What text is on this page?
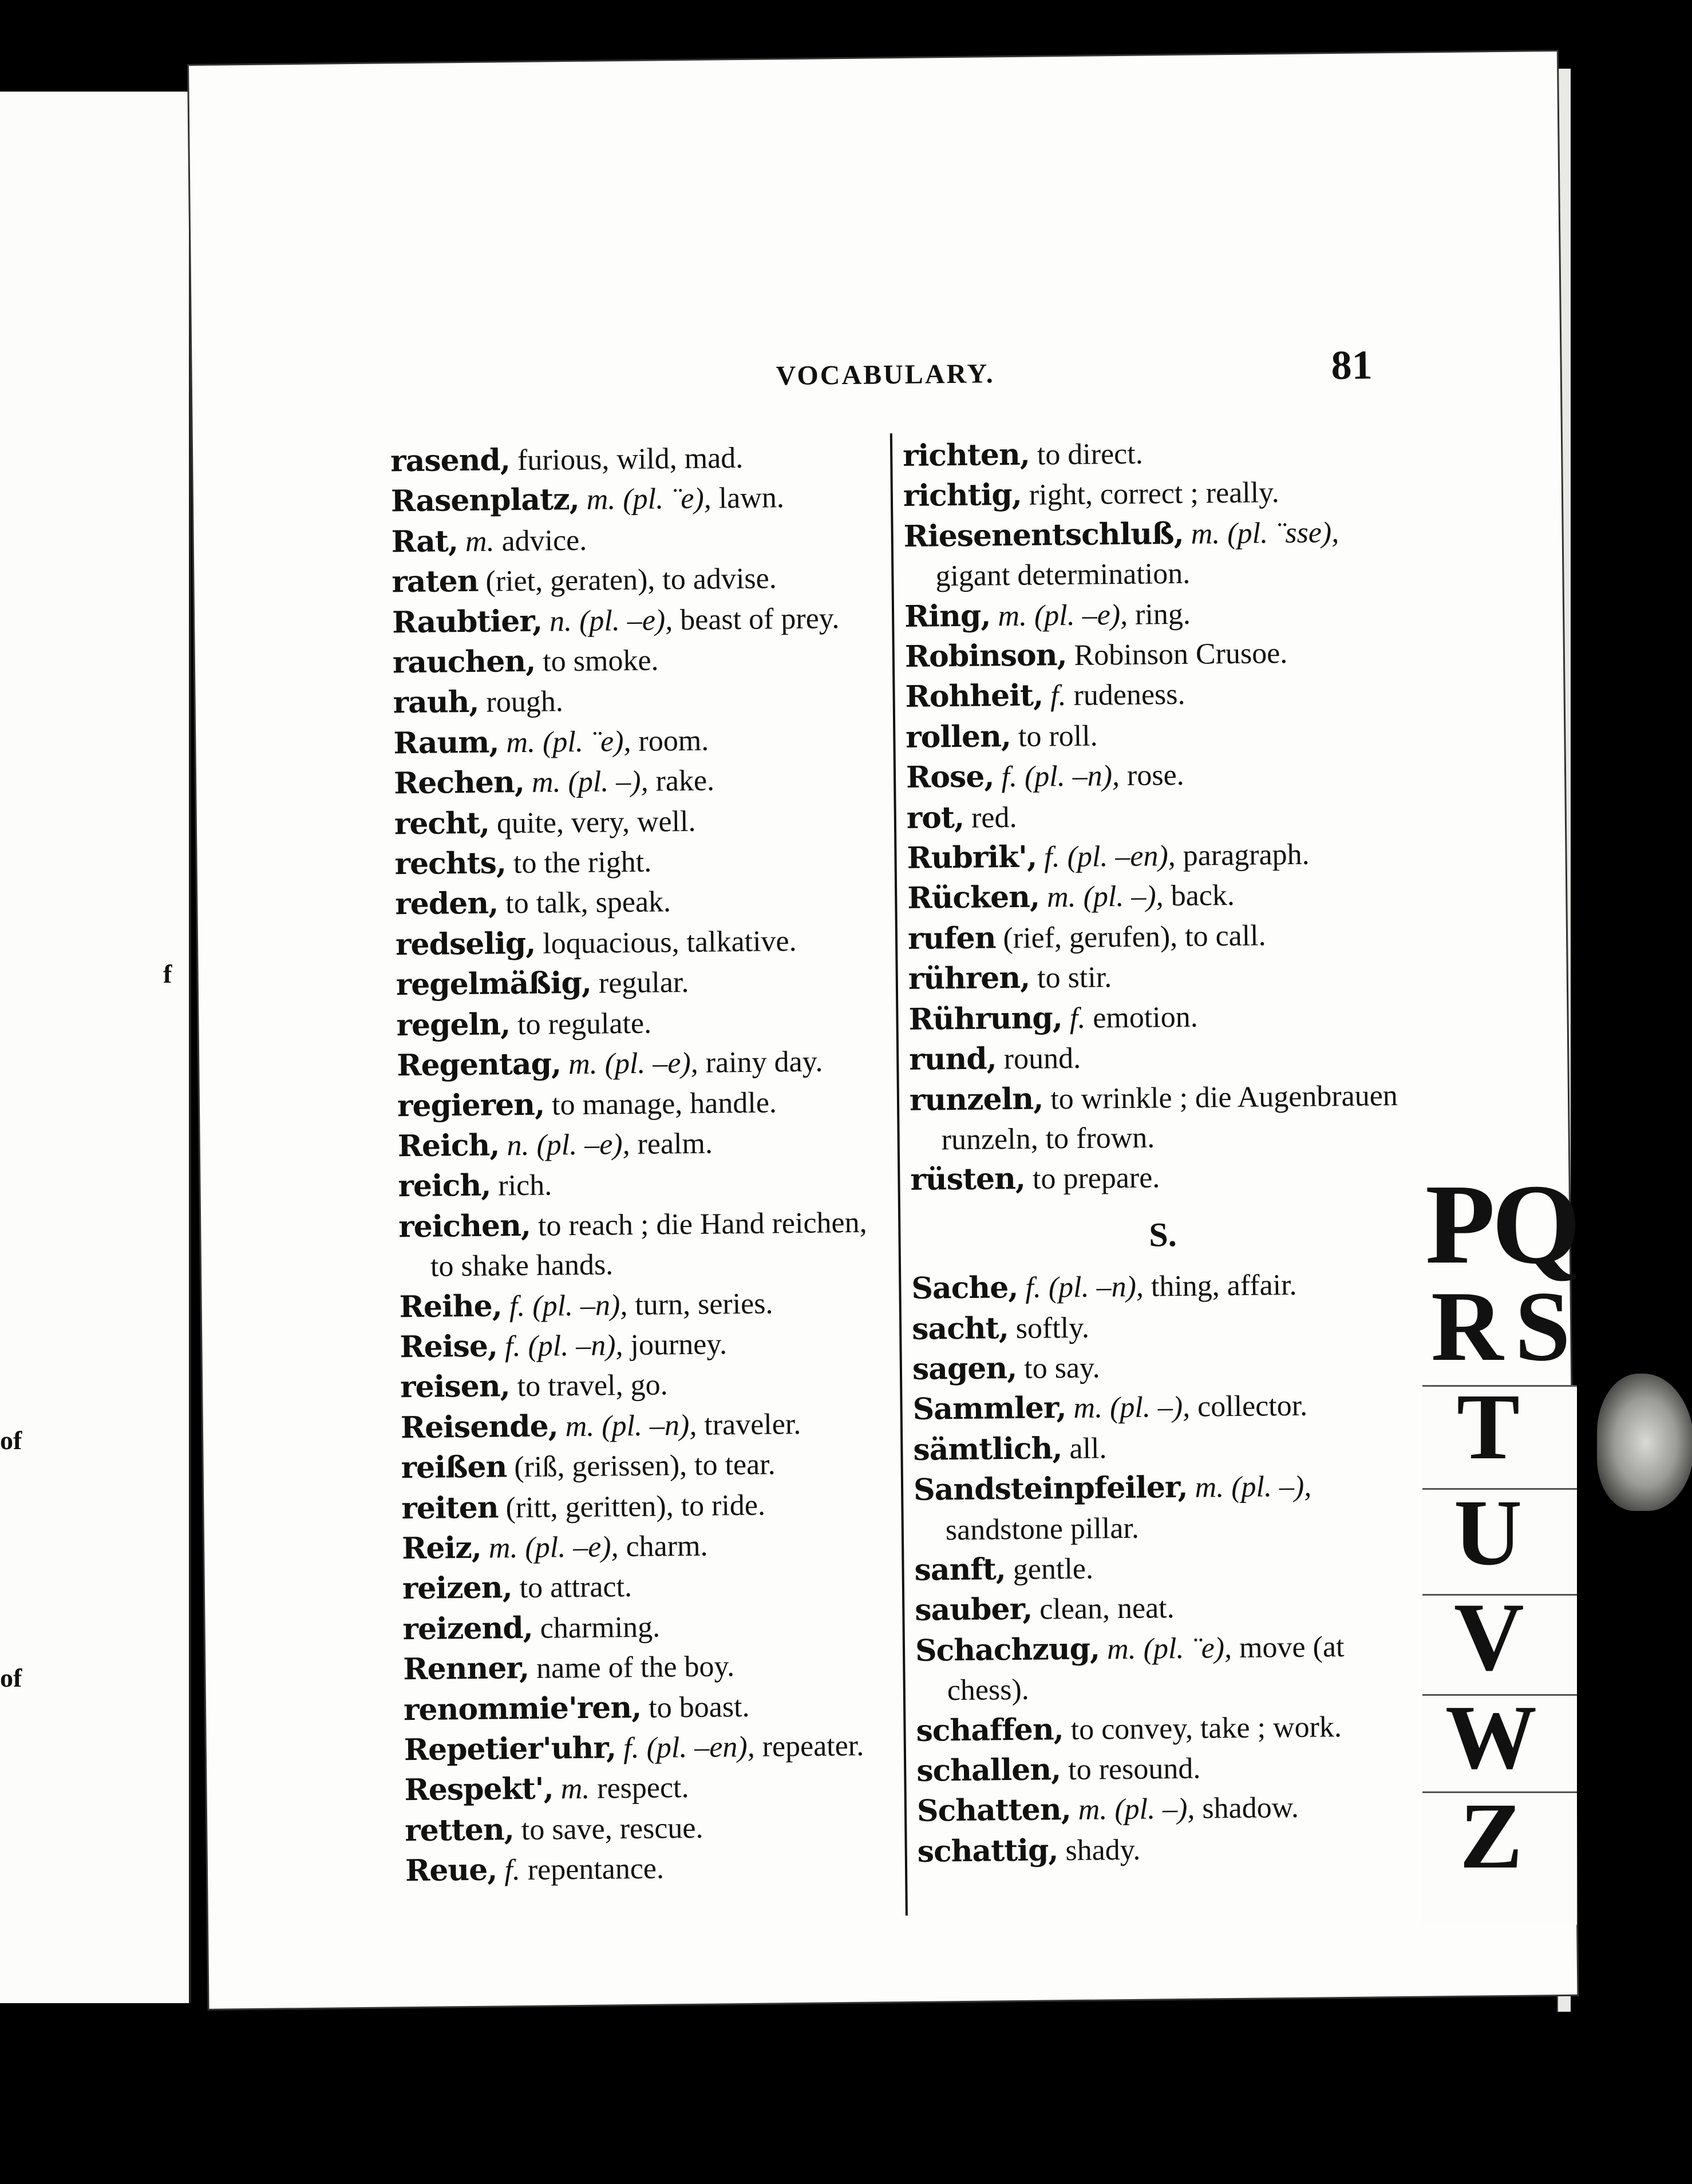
f
of
of
VOCABULARY.	81
rasend, furious, wild, mad.
Rasenplatz, m. (pl. ¨e), lawn.
Rat, m. advice.
raten (riet, geraten), to advise.
Raubtier, n. (pl. –e), beast of prey.
rauchen, to smoke.
rauh, rough.
Raum, m. (pl. ¨e), room.
Rechen, m. (pl. –), rake.
recht, quite, very, well.
rechts, to the right.
reden, to talk, speak.
redselig, loquacious, talkative.
regelmäßig, regular.
regeln, to regulate.
Regentag, m. (pl. –e), rainy day.
regieren, to manage, handle.
Reich, n. (pl. –e), realm.
reich, rich.
reichen, to reach ; die Hand reichen, to shake hands.
Reihe, f. (pl. –n), turn, series.
Reise, f. (pl. –n), journey.
reisen, to travel, go.
Reisende, m. (pl. –n), traveler.
reißen (riß, gerissen), to tear.
reiten (ritt, geritten), to ride.
Reiz, m. (pl. –e), charm.
reizen, to attract.
reizend, charming.
Renner, name of the boy.
renommie'ren, to boast.
Repetier'uhr, f. (pl. –en), repeater.
Respekt', m. respect.
retten, to save, rescue.
Reue, f. repentance.
richten, to direct.
richtig, right, correct ; really.
Riesenentschluß, m. (pl. ¨sse), gigant determination.
Ring, m. (pl. –e), ring.
Robinson, Robinson Crusoe.
Rohheit, f. rudeness.
rollen, to roll.
Rose, f. (pl. –n), rose.
rot, red.
Rubrik', f. (pl. –en), paragraph.
Rücken, m. (pl. –), back.
rufen (rief, gerufen), to call.
rühren, to stir.
Rührung, f. emotion.
rund, round.
runzeln, to wrinkle ; die Augenbrauen runzeln, to frown.
rüsten, to prepare.
S.
Sache, f. (pl. –n), thing, affair.
sacht, softly.
sagen, to say.
Sammler, m. (pl. –), collector.
sämtlich, all.
Sandsteinpfeiler, m. (pl. –), sandstone pillar.
sanft, gentle.
sauber, clean, neat.
Schachzug, m. (pl. ¨e), move (at chess).
schaffen, to convey, take ; work.
schallen, to resound.
Schatten, m. (pl. –), shadow.
schattig, shady.
PQ
RS
T
U
V
W
Z
